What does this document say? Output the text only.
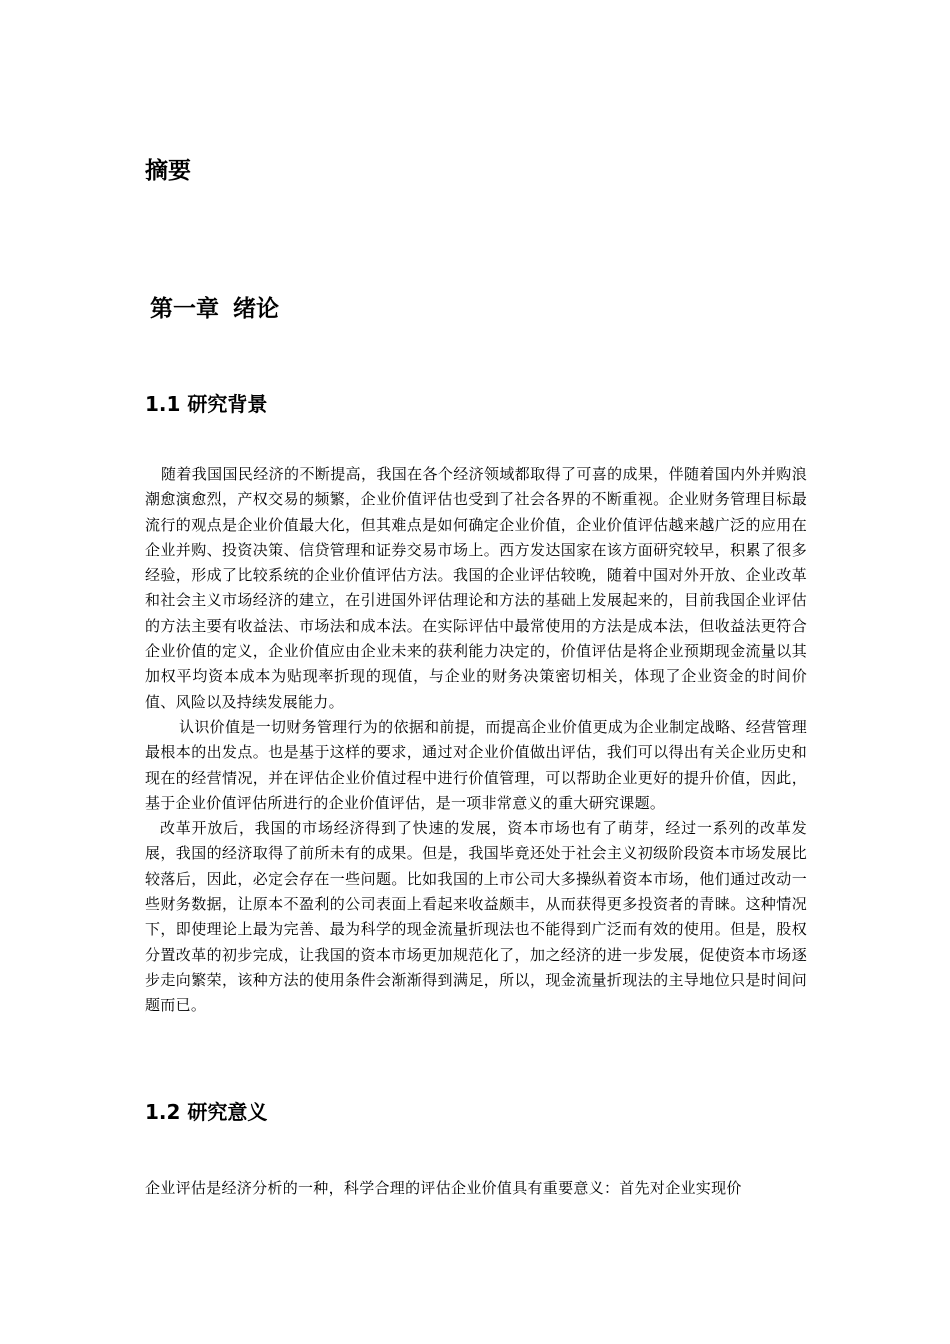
摘要
第一章 绪论
1.1 研究背景

随着我国国民经济的不断提高，我国在各个经济领域都取得了可喜的成果，伴随着国内外并购浪潮愈演愈烈，产权交易的频繁，企业价值评估也受到了社会各界的不断重视。企业财务管理目标最流行的观点是企业价值最大化，但其难点是如何确定企业价值，企业价值评估越来越广泛的应用在企业并购、投资决策、信贷管理和证券交易市场上。西方发达国家在该方面研究较早，积累了很多经验，形成了比较系统的企业价值评估方法。我国的企业评估较晚，随着中国对外开放、企业改革和社会主义市场经济的建立，在引进国外评估理论和方法的基础上发展起来的，目前我国企业评估的方法主要有收益法、市场法和成本法。在实际评估中最常使用的方法是成本法，但收益法更符合企业价值的定义，企业价值应由企业未来的获利能力决定的，价值评估是将企业预期现金流量以其加权平均资本成本为贴现率折现的现值，与企业的财务决策密切相关，体现了企业资金的时间价值、风险以及持续发展能力。

认识价值是一切财务管理行为的依据和前提，而提高企业价值更成为企业制定战略、经营管理最根本的出发点。也是基于这样的要求，通过对企业价值做出评估，我们可以得出有关企业历史和现在的经营情况，并在评估企业价值过程中进行价值管理，可以帮助企业更好的提升价值，因此，基于企业价值评估所进行的企业价值评估，是一项非常意义的重大研究课题。

改革开放后，我国的市场经济得到了快速的发展，资本市场也有了萌芽，经过一系列的改革发展，我国的经济取得了前所未有的成果。但是，我国毕竟还处于社会主义初级阶段资本市场发展比较落后，因此，必定会存在一些问题。比如我国的上市公司大多操纵着资本市场，他们通过改动一些财务数据，让原本不盈利的公司表面上看起来收益颇丰，从而获得更多投资者的青睐。这种情况下，即使理论上最为完善、最为科学的现金流量折现法也不能得到广泛而有效的使用。但是，股权分置改革的初步完成，让我国的资本市场更加规范化了，加之经济的进一步发展，促使资本市场逐步走向繁荣，该种方法的使用条件会渐渐得到满足，所以，现金流量折现法的主导地位只是时间问题而已。

1.2 研究意义

企业评估是经济分析的一种，科学合理的评估企业价值具有重要意义：首先对企业实现价
